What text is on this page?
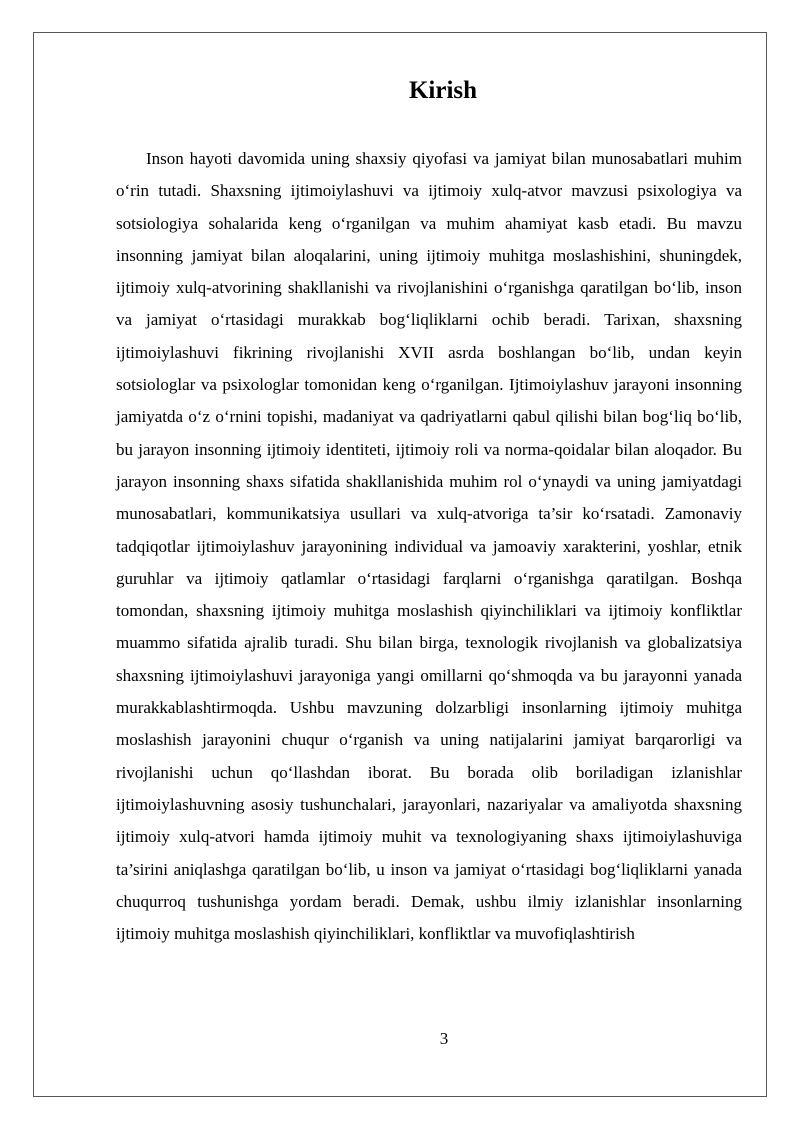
Kirish

Inson hayoti davomida uning shaxsiy qiyofasi va jamiyat bilan munosabatlari muhim o‘rin tutadi. Shaxsning ijtimoiylashuvi va ijtimoiy xulq-atvor mavzusi psixologiya va sotsiologiya sohalarida keng o‘rganilgan va muhim ahamiyat kasb etadi. Bu mavzu insonning jamiyat bilan aloqalarini, uning ijtimoiy muhitga moslashishini, shuningdek, ijtimoiy xulq-atvorining shakllanishi va rivojlanishini o‘rganishga qaratilgan bo‘lib, inson va jamiyat o‘rtasidagi murakkab bog‘liqliklarni ochib beradi. Tarixan, shaxsning ijtimoiylashuvi fikrining rivojlanishi XVII asrda boshlangan bo‘lib, undan keyin sotsiologlar va psixologlar tomonidan keng o‘rganilgan. Ijtimoiylashuv jarayoni insonning jamiyatda o‘z o‘rnini topishi, madaniyat va qadriyatlarni qabul qilishi bilan bog‘liq bo‘lib, bu jarayon insonning ijtimoiy identiteti, ijtimoiy roli va norma-qoidalar bilan aloqador. Bu jarayon insonning shaxs sifatida shakllanishida muhim rol o‘ynaydi va uning jamiyatdagi munosabatlari, kommunikatsiya usullari va xulq-atvoriga ta’sir ko‘rsatadi. Zamonaviy tadqiqotlar ijtimoiylashuv jarayonining individual va jamoaviy xarakterini, yoshlar, etnik guruhlar va ijtimoiy qatlamlar o‘rtasidagi farqlarni o‘rganishga qaratilgan. Boshqa tomondan, shaxsning ijtimoiy muhitga moslashish qiyinchiliklari va ijtimoiy konfliktlar muammo sifatida ajralib turadi. Shu bilan birga, texnologik rivojlanish va globalizatsiya shaxsning ijtimoiylashuvi jarayoniga yangi omillarni qo‘shmoqda va bu jarayonni yanada murakkablashtirmoqda. Ushbu mavzuning dolzarbligi insonlarning ijtimoiy muhitga moslashish jarayonini chuqur o‘rganish va uning natijalarini jamiyat barqarorligi va rivojlanishi uchun qo‘llashdan iborat. Bu borada olib boriladigan izlanishlar ijtimoiylashuvning asosiy tushunchalari, jarayonlari, nazariyalar va amaliyotda shaxsning ijtimoiy xulq-atvori hamda ijtimoiy muhit va texnologiyaning shaxs ijtimoiylashuviga ta’sirini aniqlashga qaratilgan bo‘lib, u inson va jamiyat o‘rtasidagi bog‘liqliklarni yanada chuqurroq tushunishga yordam beradi. Demak, ushbu ilmiy izlanishlar insonlarning ijtimoiy muhitga moslashish qiyinchiliklari, konfliktlar va muvofiqlashtirish

3
